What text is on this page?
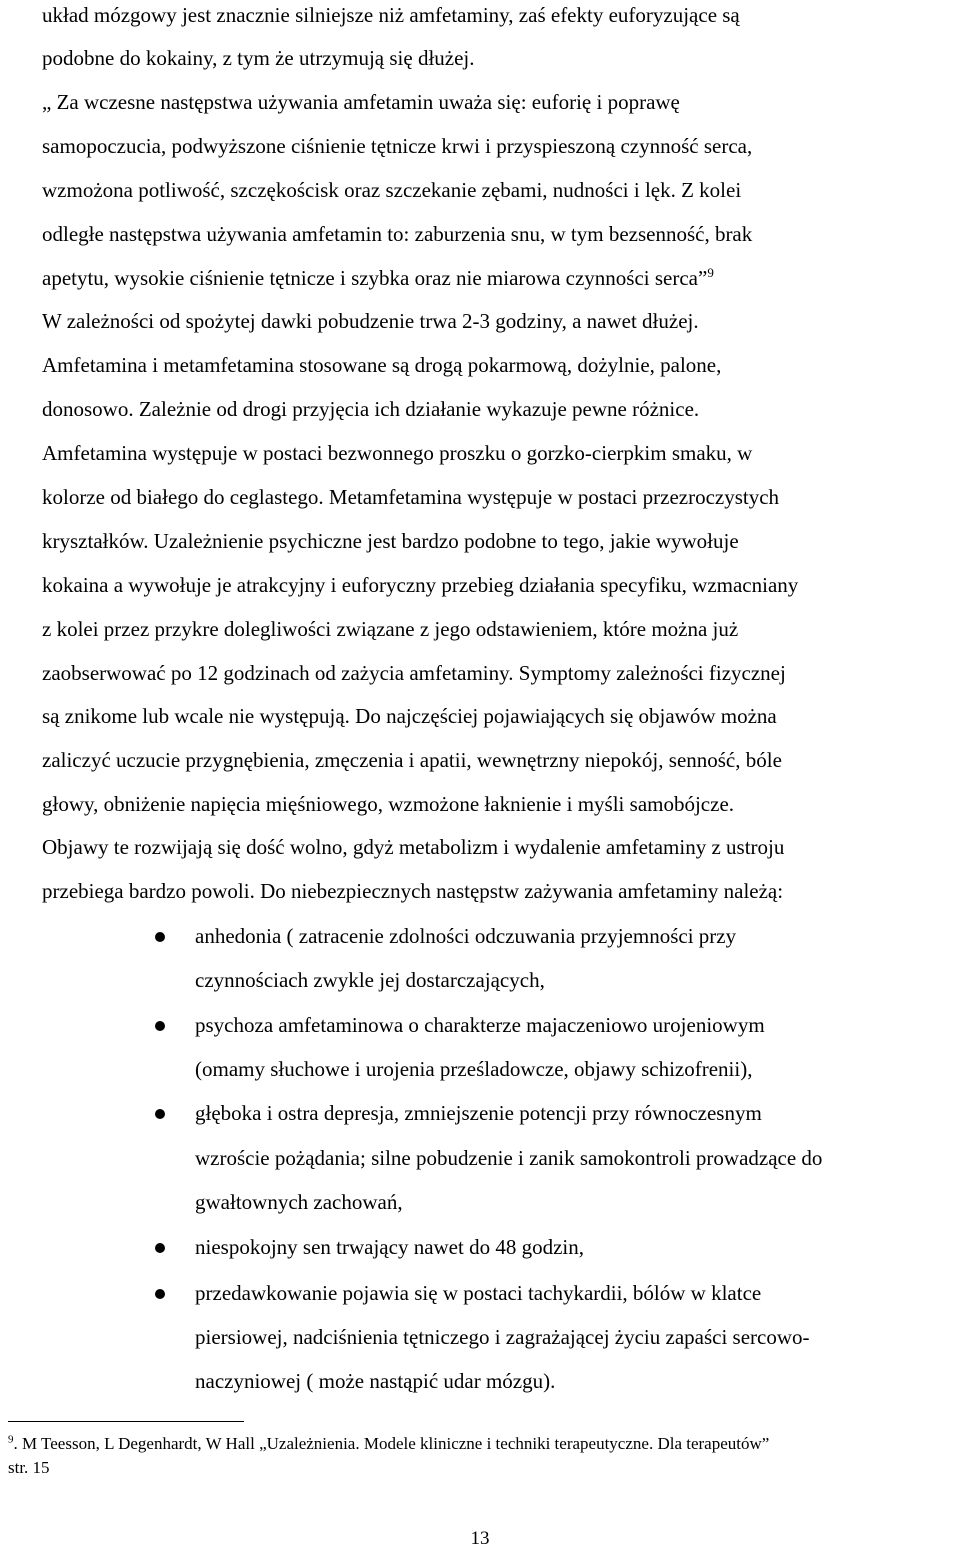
układ mózgowy jest znacznie silniejsze niż amfetaminy, zaś efekty euforyzujące są
podobne do kokainy, z tym że utrzymują się dłużej.
„ Za wczesne następstwa używania amfetamin uważa się: euforię i poprawę
samopoczucia, podwyższone ciśnienie tętnicze krwi i przyspieszoną czynność serca,
wzmożona potliwość, szczękościsk oraz szczekanie zębami, nudności i lęk. Z kolei
odległe następstwa używania amfetamin to: zaburzenia snu, w tym bezsenność, brak
apetytu, wysokie ciśnienie tętnicze i szybka oraz nie miarowa czynności serca”$^9$
W zależności od spożytej dawki pobudzenie trwa 2-3 godziny, a nawet dłużej.
Amfetamina i metamfetamina stosowane są drogą pokarmową, dożylnie, palone,
donosowo. Zależnie od drogi przyjęcia ich działanie wykazuje pewne różnice.
Amfetamina występuje w postaci bezwonnego proszku o gorzko-cierpkim smaku, w
kolorze od białego do ceglastego. Metamfetamina występuje w postaci przezroczystych
kryształków. Uzależnienie psychiczne jest bardzo podobne to tego, jakie wywołuje
kokaina a wywołuje je atrakcyjny i euforyczny przebieg działania specyfiku, wzmacniany
z kolei przez przykre dolegliwości związane z jego odstawieniem, które można już
zaobserwować po 12 godzinach od zażycia amfetaminy. Symptomy zależności fizycznej
są znikome lub wcale nie występują. Do najczęściej pojawiających się objawów można
zaliczyć uczucie przygnębienia, zmęczenia i apatii, wewnętrzny niepokój, senność, bóle
głowy, obniżenie napięcia mięśniowego, wzmożone łaknienie i myśli samobójcze.
Objawy te rozwijają się dość wolno, gdyż metabolizm i wydalenie amfetaminy z ustroju
przebiega bardzo powoli. Do niebezpiecznych następstw zażywania amfetaminy należą:
anhedonia ( zatracenie zdolności odczuwania przyjemności przy
czynnościach zwykle jej dostarczających,
psychoza amfetaminowa o charakterze majaczeniowo urojeniowym
(omamy słuchowe i urojenia prześladowcze, objawy schizofrenii),
głęboka i ostra depresja, zmniejszenie potencji przy równoczesnym
wzroście pożądania; silne pobudzenie i zanik samokontroli prowadzące do
gwałtownych zachowań,
niespokojny sen trwający nawet do 48 godzin,
przedawkowanie pojawia się w postaci tachykardii, bólów w klatce
piersiowej, nadciśnienia tętniczego i zagrażającej życiu zapaści sercowo-
naczyniowej ( może nastąpić udar mózgu).
$^9$. M Teesson, L Degenhardt, W Hall „Uzależnienia. Modele kliniczne i techniki terapeutyczne. Dla terapeutów”
str. 15
13
